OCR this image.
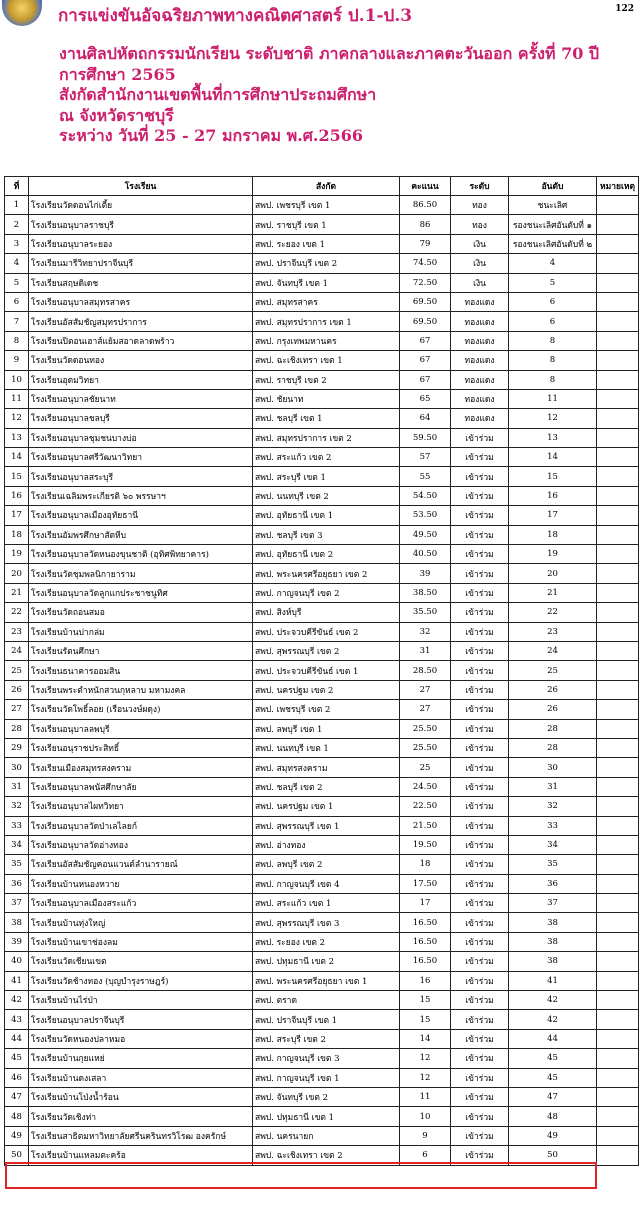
การแข่งขันอัจฉริยภาพทางคณิตศาสตร์ ป.1-ป.3	122
งานศิลปหัตถกรรมนักเรียน ระดับชาติ ภาคกลางและภาคตะวันออก ครั้งที่ 70 ปี
การศึกษา 2565
สังกัดสำนักงานเขตพื้นที่การศึกษาประถมศึกษา
ณ จังหวัดราชบุรี
ระหว่าง วันที่ 25 - 27 มกราคม พ.ศ.2566
ที่	โรงเรียน	สังกัด	คะแนน	ระดับ	อันดับ	หมายเหตุ
1	โรงเรียนวัดดอนไก่เตี้ย	สพป. เพชรบุรี เขต 1	86.50	ทอง	ชนะเลิศ	
2	โรงเรียนอนุบาลราชบุรี	สพป. ราชบุรี เขต 1	86	ทอง	รองชนะเลิศอันดับที่ ๑	
3	โรงเรียนอนุบาลระยอง	สพป. ระยอง เขต 1	79	เงิน	รองชนะเลิศอันดับที่ ๒	
4	โรงเรียนมารีวิทยาปราจีนบุรี	สพป. ปราจีนบุรี เขต 2	74.50	เงิน	4	
5	โรงเรียนสฤษดิเดช	สพป. จันทบุรี เขต 1	72.50	เงิน	5	
6	โรงเรียนอนุบาลสมุทรสาคร	สพป. สมุทรสาคร	69.50	ทองแดง	6	
7	โรงเรียนอัสสัมชัญสมุทรปราการ	สพป. สมุทรปราการ เขต 1	69.50	ทองแดง	6	
8	โรงเรียนปิตอนเฮาส์แย้มสอาดลาดพร้าว	สพป. กรุงเทพมหานคร	67	ทองแดง	8	
9	โรงเรียนวัดดอนทอง	สพป. ฉะเชิงเทรา เขต 1	67	ทองแดง	8	
10	โรงเรียนอุดมวิทยา	สพป. ราชบุรี เขต 2	67	ทองแดง	8	
11	โรงเรียนอนุบาลชัยนาท	สพป. ชัยนาท	65	ทองแดง	11	
12	โรงเรียนอนุบาลชลบุรี	สพป. ชลบุรี เขต 1	64	ทองแดง	12	
13	โรงเรียนอนุบาลชุมชนบางบ่อ	สพป. สมุทรปราการ เขต 2	59.50	เข้าร่วม	13	
14	โรงเรียนอนุบาลศรีวัฒนาวิทยา	สพป. สระแก้ว เขต 2	57	เข้าร่วม	14	
15	โรงเรียนอนุบาลสระบุรี	สพป. สระบุรี เขต 1	55	เข้าร่วม	15	
16	โรงเรียนเฉลิมพระเกียรติ ๖๐ พรรษาฯ	สพป. นนทบุรี เขต 2	54.50	เข้าร่วม	16	
17	โรงเรียนอนุบาลเมืองอุทัยธานี	สพป. อุทัยธานี เขต 1	53.50	เข้าร่วม	17	
18	โรงเรียนอัมพรศึกษาสัตหีบ	สพป. ชลบุรี เขต 3	49.50	เข้าร่วม	18	
19	โรงเรียนอนุบาลวัดหนองขุนชาติ (อุทิศพิทยาคาร)	สพป. อุทัยธานี เขต 2	40.50	เข้าร่วม	19	
20	โรงเรียนวัดชุมพลนิกายาราม	สพป. พระนครศรีอยุธยา เขต 2	39	เข้าร่วม	20	
21	โรงเรียนอนุบาลวัดลูกแกประชาชนูทิศ	สพป. กาญจนบุรี เขต 2	38.50	เข้าร่วม	21	
22	โรงเรียนวัดถอนสมอ	สพป. สิงห์บุรี	35.50	เข้าร่วม	22	
23	โรงเรียนบ้านปากล่ม	สพป. ประจวบคีรีขันธ์ เขต 2	32	เข้าร่วม	23	
24	โรงเรียนรัตนศึกษา	สพป. สุพรรณบุรี เขต 2	31	เข้าร่วม	24	
25	โรงเรียนธนาคารออมสิน	สพป. ประจวบคีรีขันธ์ เขต 1	28.50	เข้าร่วม	25	
26	โรงเรียนพระตำหนักสวนกุหลาบ มหามงคล	สพป. นครปฐม เขต 2	27	เข้าร่วม	26	
27	โรงเรียนวัดโพธิ์ลอย (เรือนวงษ์ผดุง)	สพป. เพชรบุรี เขต 2	27	เข้าร่วม	26	
28	โรงเรียนอนุบาลลพบุรี	สพป. ลพบุรี เขต 1	25.50	เข้าร่วม	28	
29	โรงเรียนอนุราชประสิทธิ์	สพป. นนทบุรี เขต 1	25.50	เข้าร่วม	28	
30	โรงเรียนเมืองสมุทรสงคราม	สพป. สมุทรสงคราม	25	เข้าร่วม	30	
31	โรงเรียนอนุบาลพนัสศึกษาลัย	สพป. ชลบุรี เขต 2	24.50	เข้าร่วม	31	
32	โรงเรียนอนุบาลไผทวิทยา	สพป. นครปฐม เขต 1	22.50	เข้าร่วม	32	
33	โรงเรียนอนุบาลวัดป่าเลไลยก์	สพป. สุพรรณบุรี เขต 1	21.50	เข้าร่วม	33	
34	โรงเรียนอนุบาลวัดอ่างทอง	สพป. อ่างทอง	19.50	เข้าร่วม	34	
35	โรงเรียนอัสสัมชัญคอนแวนต์ลำนารายณ์	สพป. ลพบุรี เขต 2	18	เข้าร่วม	35	
36	โรงเรียนบ้านหนองหวาย	สพป. กาญจนบุรี เขต 4	17.50	เข้าร่วม	36	
37	โรงเรียนอนุบาลเมืองสระแก้ว	สพป. สระแก้ว เขต 1	17	เข้าร่วม	37	
38	โรงเรียนบ้านทุ่งใหญ่	สพป. สุพรรณบุรี เขต 3	16.50	เข้าร่วม	38	
39	โรงเรียนบ้านเขาช่องลม	สพป. ระยอง เขต 2	16.50	เข้าร่วม	38	
40	โรงเรียนวัดเชียนเขต	สพป. ปทุมธานี เขต 2	16.50	เข้าร่วม	38	
41	โรงเรียนวัดช้างทอง (บุญบำรุงราษฎร์)	สพป. พระนครศรีอยุธยา เขต 1	16	เข้าร่วม	41	
42	โรงเรียนบ้านไร่ป่า	สพป. ตราด	15	เข้าร่วม	42	
43	โรงเรียนอนุบาลปราจีนบุรี	สพป. ปราจีนบุรี เขต 1	15	เข้าร่วม	42	
44	โรงเรียนวัดหนองปลาหมอ	สพป. สระบุรี เขต 2	14	เข้าร่วม	44	
45	โรงเรียนบ้านกุยแหย่	สพป. กาญจนบุรี เขต 3	12	เข้าร่วม	45	
46	โรงเรียนบ้านดงเสลา	สพป. กาญจนบุรี เขต 1	12	เข้าร่วม	45	
47	โรงเรียนบ้านโป่งน้ำร้อน	สพป. จันทบุรี เขต 2	11	เข้าร่วม	47	
48	โรงเรียนวัดเชิงท่า	สพป. ปทุมธานี เขต 1	10	เข้าร่วม	48	
49	โรงเรียนสาธิตมหาวิทยาลัยศรีนครินทรวิโรฒ องครักษ์	สพป. นครนายก	9	เข้าร่วม	49	
50	โรงเรียนบ้านแหลมตะคร้อ	สพป. ฉะเชิงเทรา เขต 2	6	เข้าร่วม	50	
